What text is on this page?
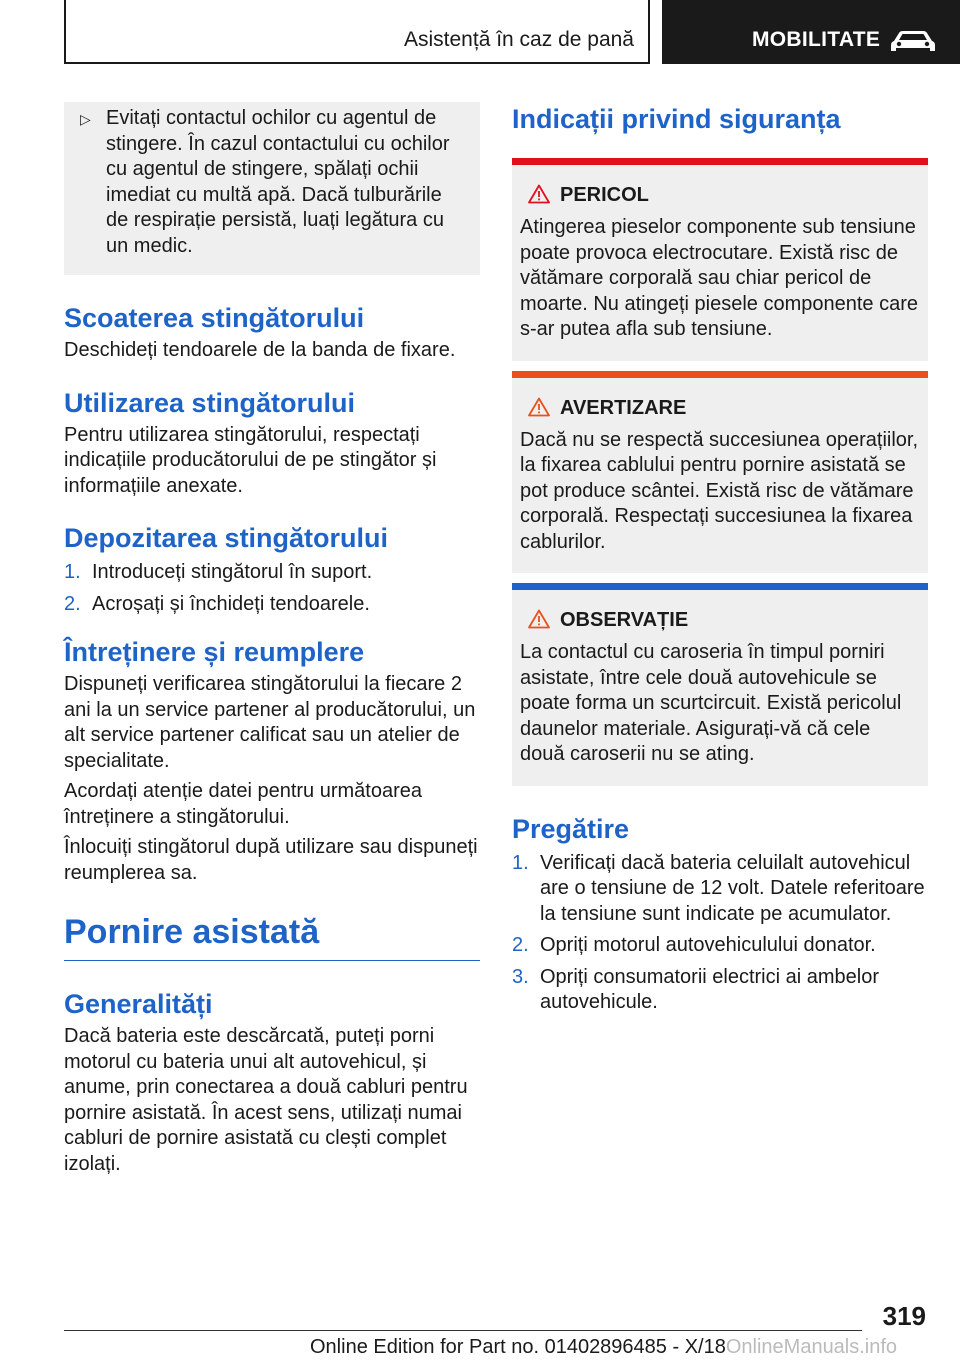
Asistență în caz de pană	MOBILITATE
▷ Evitați contactul ochilor cu agentul de stingere. În cazul contactului cu ochilor cu agentul de stingere, spălați ochii imediat cu multă apă. Dacă tulburările de respirație persistă, luați legătura cu un medic.

Scoaterea stingătorului

Deschideți tendoarele de la banda de fixare.

Utilizarea stingătorului

Pentru utilizarea stingătorului, respectați indicațiile producătorului de pe stingător și informațiile anexate.

Depozitarea stingătorului
1. Introduceți stingătorul în suport.
2. Acroșați și închideți tendoarele.
Întreținere și reumplere

Dispuneți verificarea stingătorului la fiecare 2 ani la un service partener al producătorului, un alt service partener calificat sau un atelier de specialitate.

Acordați atenție datei pentru următoarea întreținere a stingătorului.

Înlocuiți stingătorul după utilizare sau dispuneți reumplerea sa.

Pornire asistată
Generalități

Dacă bateria este descărcată, puteți porni motorul cu bateria unui alt autovehicul, și anume, prin conectarea a două cabluri pentru pornire asistată. În acest sens, utilizați numai cabluri de pornire asistată cu clești complet izolați.

Indicații privind siguranța
PERICOL

Atingerea pieselor componente sub tensiune poate provoca electrocutare. Există risc de vătămare corporală sau chiar pericol de moarte. Nu atingeți piesele componente care s-ar putea afla sub tensiune.

AVERTIZARE

Dacă nu se respectă succesiunea operațiilor, la fixarea cablului pentru pornire asistată se pot produce scântei. Există risc de vătămare corporală. Respectați succesiunea la fixarea cablurilor.

OBSERVAȚIE

La contactul cu caroseria în timpul porniri asistate, între cele două autovehicule se poate forma un scurtcircuit. Există pericolul daunelor materiale. Asigurați-vă că cele două caroserii nu se ating.

Pregătire
1. Verificați dacă bateria celuilalt autovehicul are o tensiune de 12 volt. Datele referitoare la tensiune sunt indicate pe acumulator.
2. Opriți motorul autovehiculului donator.
3. Opriți consumatorii electrici ai ambelor autovehicule.
319
Online Edition for Part no. 01402896485 - X/18OnlineManuals.info
